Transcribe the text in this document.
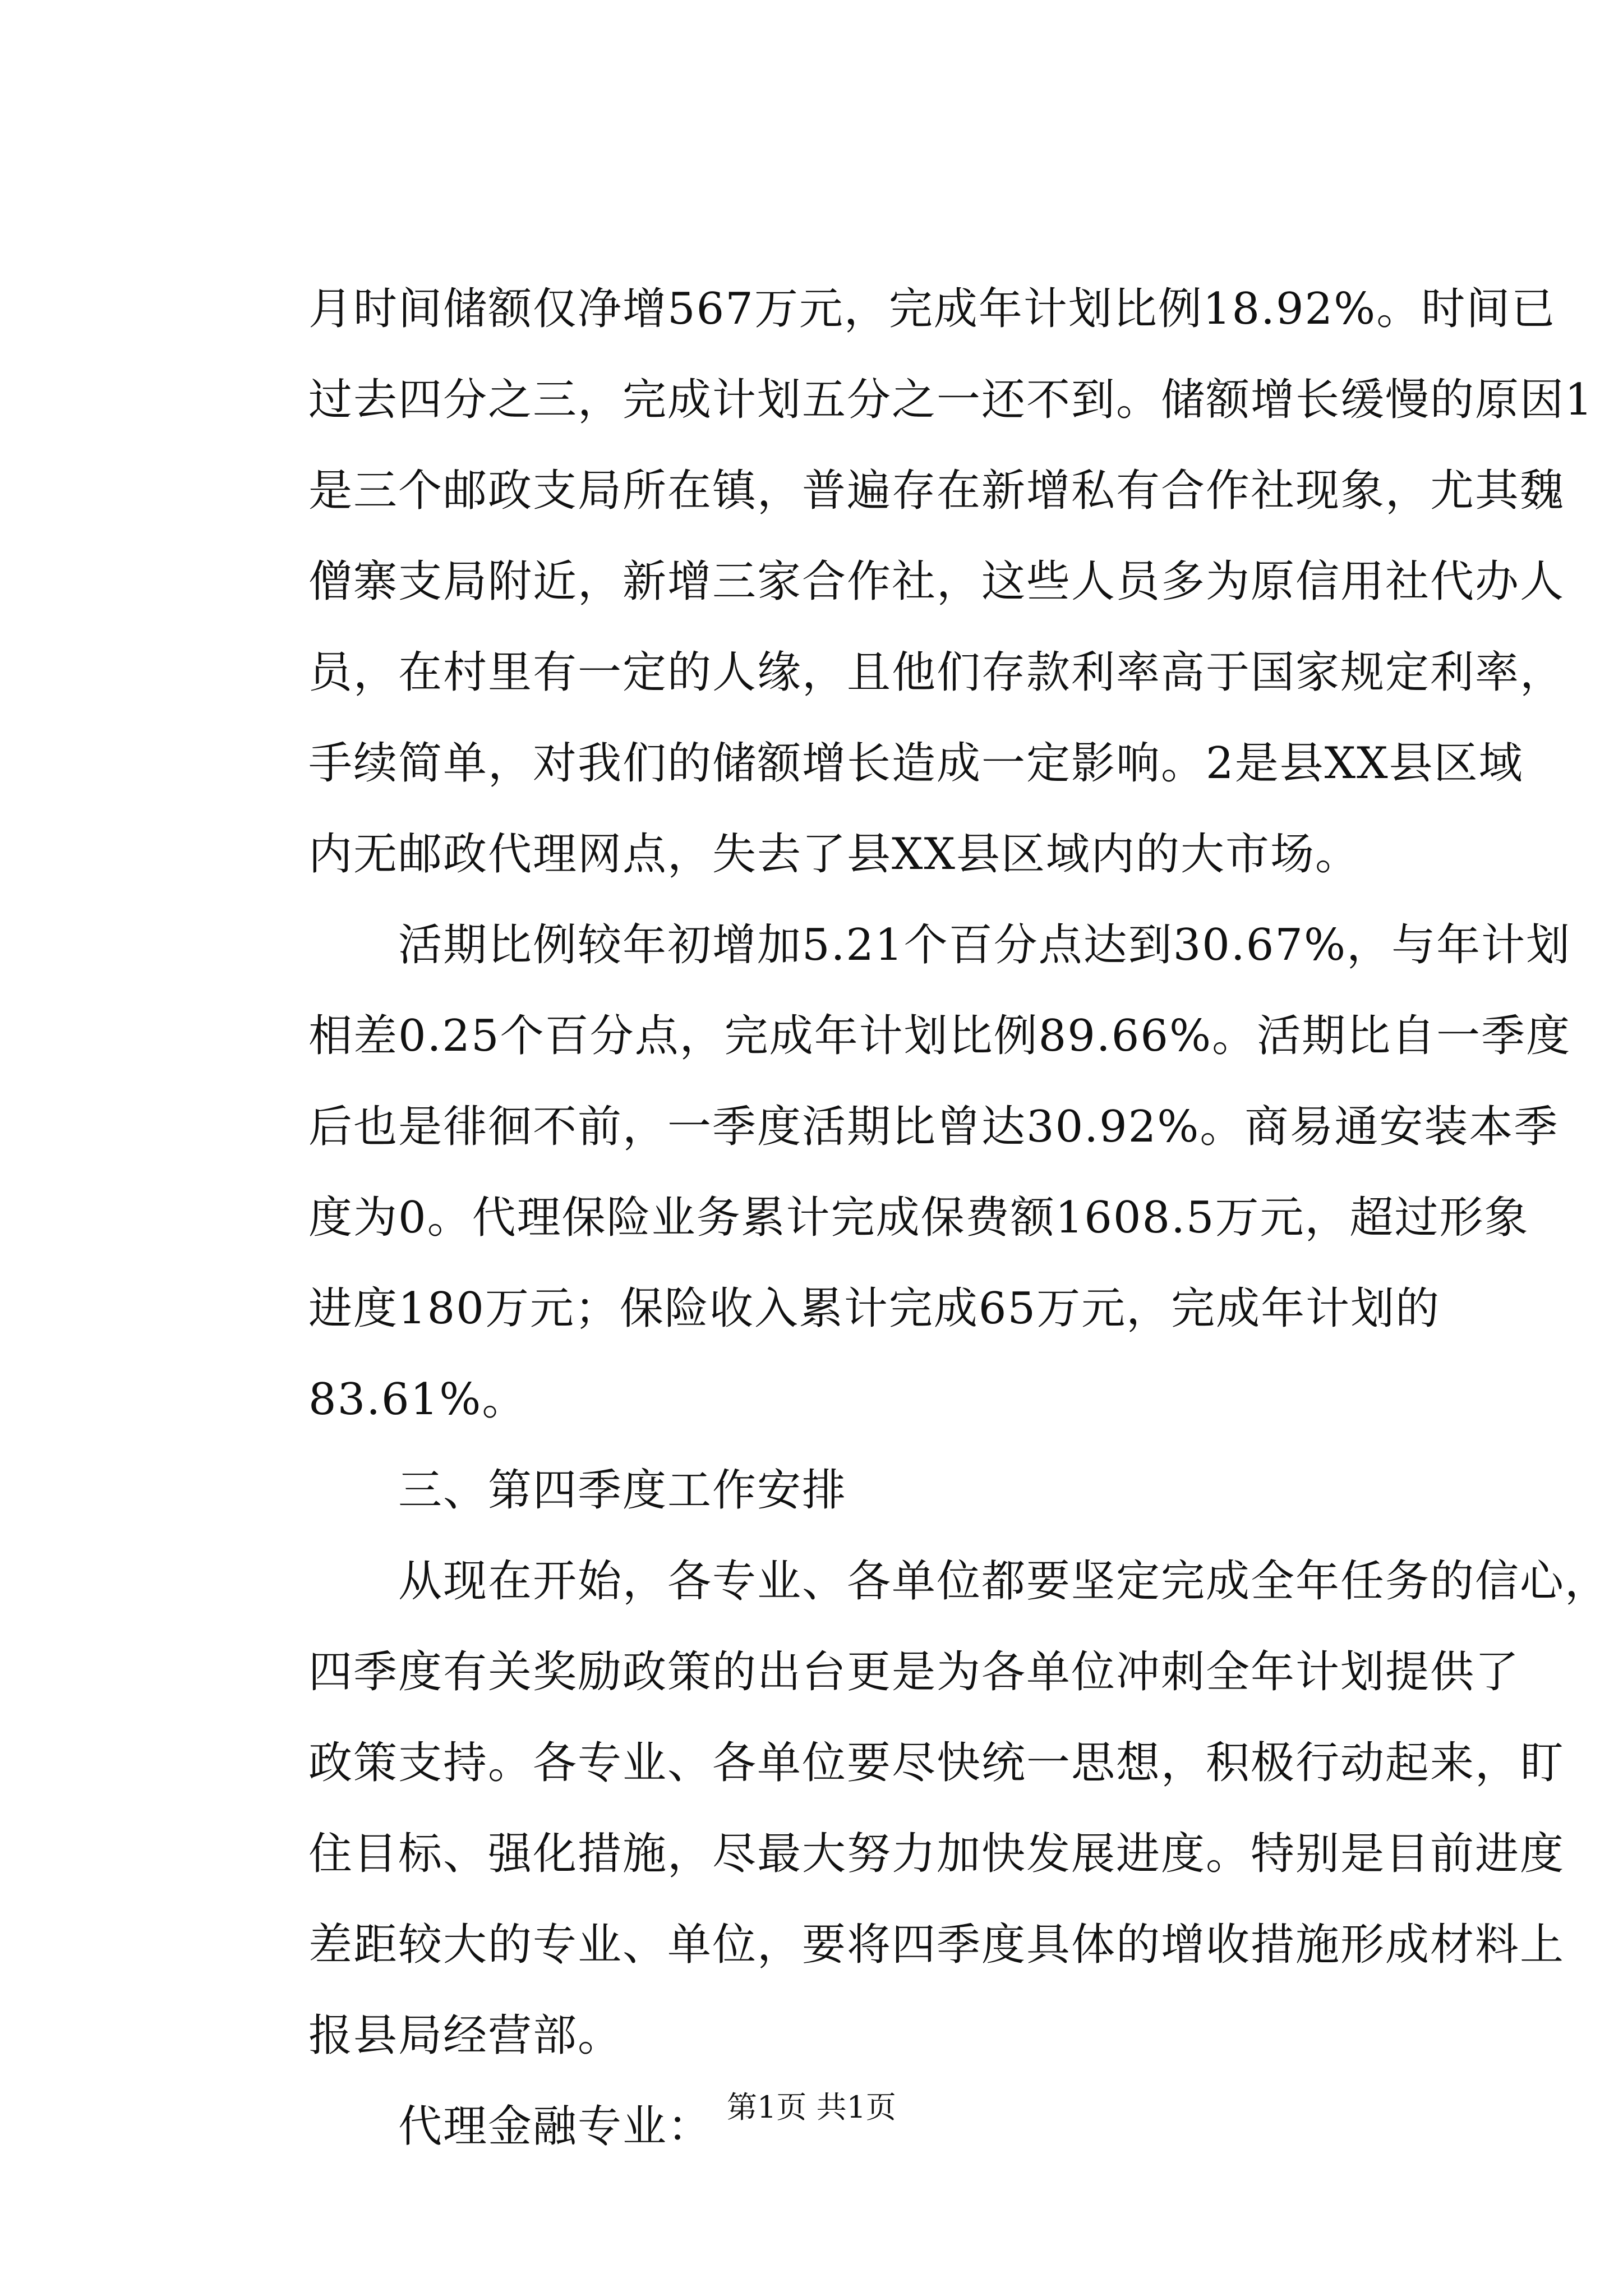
月时间储额仅净增567万元，完成年计划比例18.92%。时间已
过去四分之三，完成计划五分之一还不到。储额增长缓慢的原因1
是三个邮政支局所在镇，普遍存在新增私有合作社现象，尤其魏
僧寨支局附近，新增三家合作社，这些人员多为原信用社代办人
员，在村里有一定的人缘，且他们存款利率高于国家规定利率，
手续简单，对我们的储额增长造成一定影响。2是县XX县区域
内无邮政代理网点，失去了县XX县区域内的大市场。
活期比例较年初增加5.21个百分点达到30.67%，与年计划
相差0.25个百分点，完成年计划比例89.66%。活期比自一季度
后也是徘徊不前，一季度活期比曾达30.92%。商易通安装本季
度为0。代理保险业务累计完成保费额1608.5万元，超过形象
进度180万元；保险收入累计完成65万元，完成年计划的
83.61%。
三、第四季度工作安排
从现在开始，各专业、各单位都要坚定完成全年任务的信心，
四季度有关奖励政策的出台更是为各单位冲刺全年计划提供了
政策支持。各专业、各单位要尽快统一思想，积极行动起来，盯
住目标、强化措施，尽最大努力加快发展进度。特别是目前进度
差距较大的专业、单位，要将四季度具体的增收措施形成材料上
报县局经营部。
代理金融专业： 第1页 共1页
